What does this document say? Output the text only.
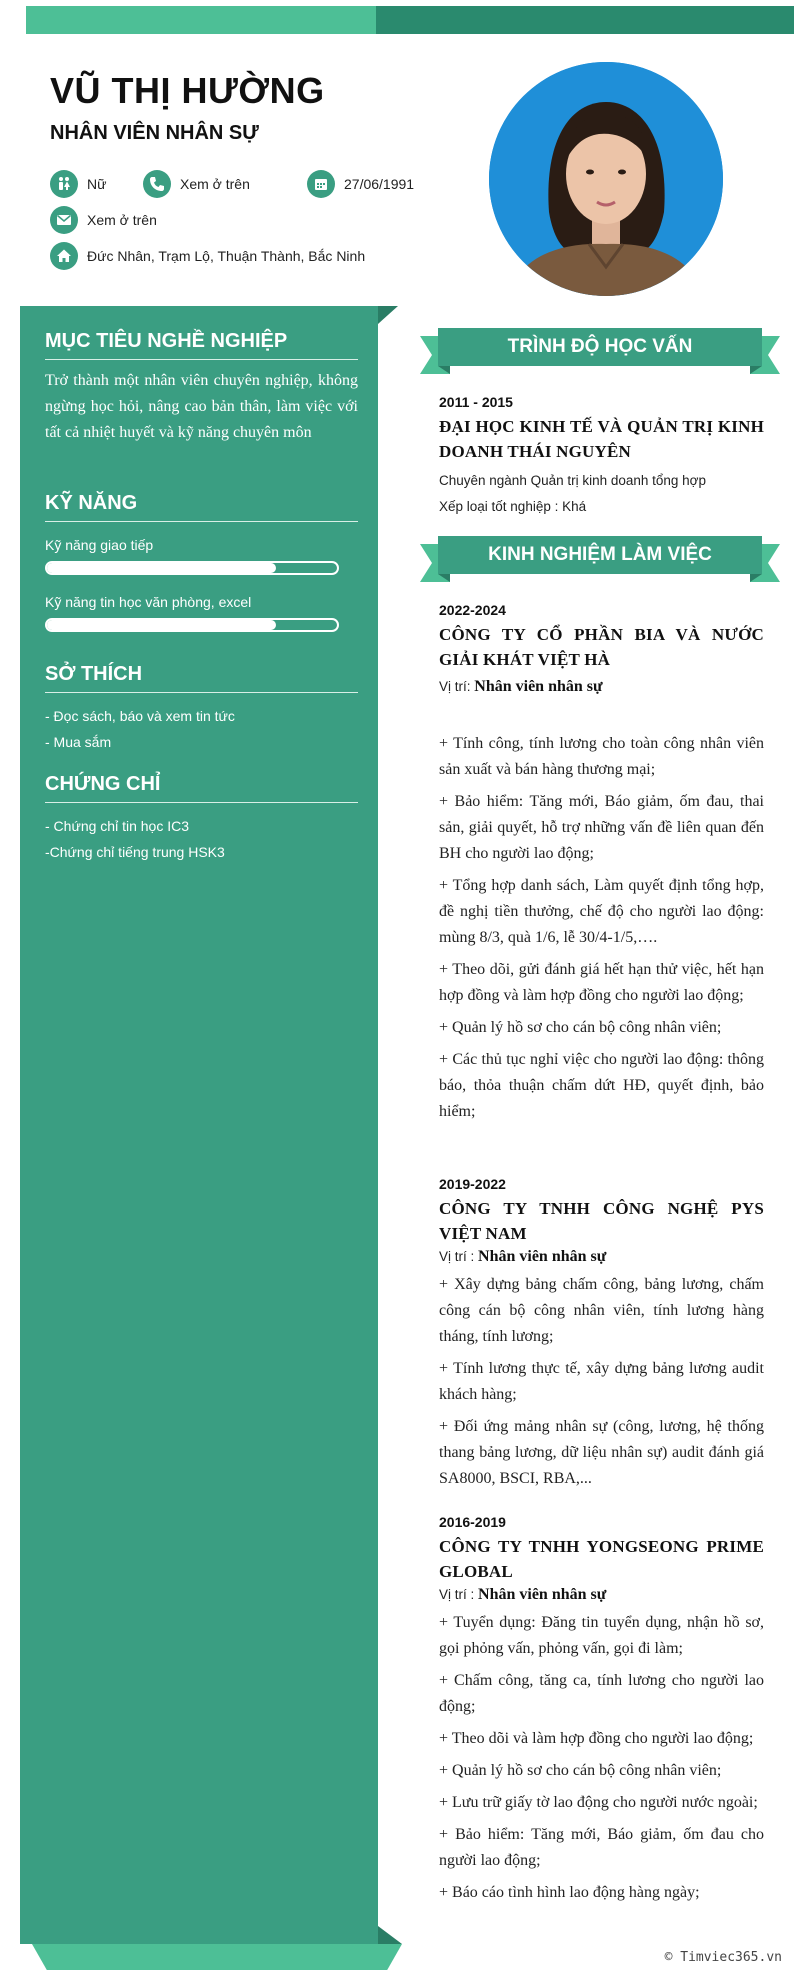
VŨ THỊ HƯỜNG
NHÂN VIÊN NHÂN SỰ
Nữ	Xem ở trên	27/06/1991
Xem ở trên
Đức Nhân, Trạm Lộ, Thuận Thành, Bắc Ninh
MỤC TIÊU NGHỀ NGHIỆP
Trở thành một nhân viên chuyên nghiệp, không ngừng học hỏi, nâng cao bản thân, làm việc với tất cả nhiệt huyết và kỹ năng chuyên môn
KỸ NĂNG
Kỹ năng giao tiếp
Kỹ năng tin học văn phòng, excel
SỞ THÍCH
- Đọc sách, báo và xem tin tức
- Mua sắm
CHỨNG CHỈ
- Chứng chỉ tin học IC3
-Chứng chỉ tiếng trung HSK3
TRÌNH ĐỘ HỌC VẤN
2011 - 2015
ĐẠI HỌC KINH TẾ VÀ QUẢN TRỊ KINH DOANH THÁI NGUYÊN
Chuyên ngành Quản trị kinh doanh tổng hợp
Xếp loại tốt nghiệp : Khá
KINH NGHIỆM LÀM VIỆC
2022-2024
CÔNG TY CỔ PHẦN BIA VÀ NƯỚC GIẢI KHÁT VIỆT HÀ
Vị trí: Nhân viên nhân sự

+ Tính công, tính lương cho toàn công nhân viên sản xuất và bán hàng thương mại;

+ Bảo hiểm: Tăng mới, Báo giảm, ốm đau, thai sản, giải quyết, hỗ trợ những vấn đề liên quan đến BH cho người lao động;

+ Tổng hợp danh sách, Làm quyết định tổng hợp, đề nghị tiền thưởng, chế độ cho người lao động: mùng 8/3, quà 1/6, lễ 30/4-1/5,….

+ Theo dõi, gửi đánh giá hết hạn thử việc, hết hạn hợp đồng và làm hợp đồng cho người lao động;

+ Quản lý hồ sơ cho cán bộ công nhân viên;

+ Các thủ tục nghỉ việc cho người lao động: thông báo, thỏa thuận chấm dứt HĐ, quyết định, bảo hiểm;

2019-2022
CÔNG TY TNHH CÔNG NGHỆ PYS VIỆT NAM
Vị trí : Nhân viên nhân sự

+ Xây dựng bảng chấm công, bảng lương, chấm công cán bộ công nhân viên, tính lương hàng tháng, tính lương;

+ Tính lương thực tế, xây dựng bảng lương audit khách hàng;

+ Đối ứng mảng nhân sự (công, lương, hệ thống thang bảng lương, dữ liệu nhân sự) audit đánh giá SA8000, BSCI, RBA,...

2016-2019
CÔNG TY TNHH YONGSEONG PRIME GLOBAL
Vị trí : Nhân viên nhân sự

+ Tuyển dụng: Đăng tin tuyển dụng, nhận hồ sơ, gọi phỏng vấn, phỏng vấn, gọi đi làm;

+ Chấm công, tăng ca, tính lương cho người lao động;

+ Theo dõi và làm hợp đồng cho người lao động;

+ Quản lý hồ sơ cho cán bộ công nhân viên;

+ Lưu trữ giấy tờ lao động cho người nước ngoài;

+ Bảo hiểm: Tăng mới, Báo giảm, ốm đau cho người lao động;

+ Báo cáo tình hình lao động hàng ngày;

© Timviec365.vn
